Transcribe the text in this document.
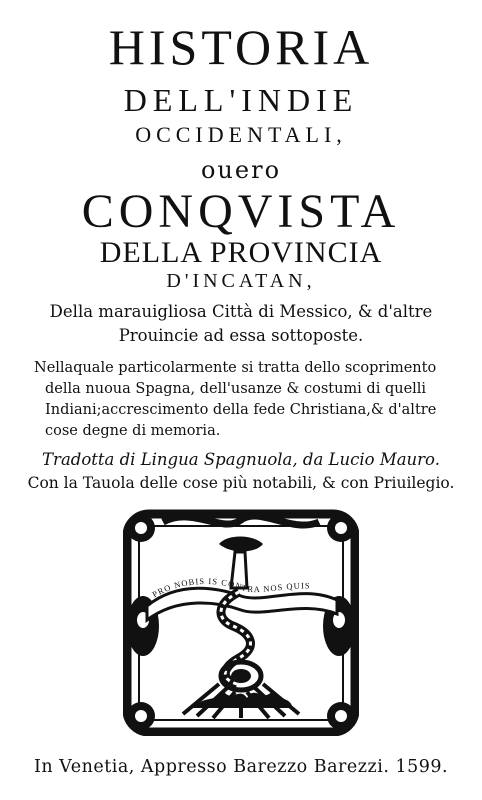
HISTORIA
DELL'INDIE
OCCIDENTALI,
ouero
CONQVISTA
DELLA PROVINCIA
D'INCATAN,
Della marauigliosa Città di Messico, & d'altre
Prouincie ad essa sottoposte.
Nellaquale particolarmente si tratta dello scoprimento
della nuoua Spagna, dell'usanze & costumi di quelli
Indiani;accrescimento della fede Christiana,& d'altre
cose degne di memoria.
Tradotta di Lingua Spagnuola, da Lucio Mauro.
Con la Tauola delle cose più notabili, & con Priuilegio.
PRO NOBIS IS CONTRA NOS QUIS
In Venetia, Appresso Barezzo Barezzi. 1599.
